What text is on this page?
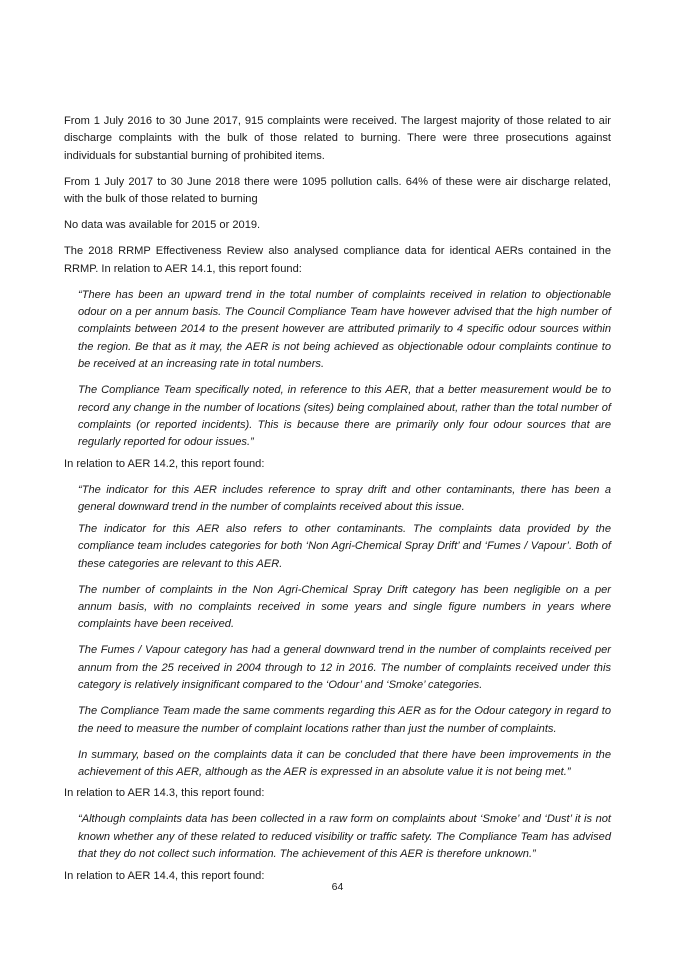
From 1 July 2016 to 30 June 2017, 915 complaints were received. The largest majority of those related to air discharge complaints with the bulk of those related to burning. There were three prosecutions against individuals for substantial burning of prohibited items.

From 1 July 2017 to 30 June 2018 there were 1095 pollution calls. 64% of these were air discharge related, with the bulk of those related to burning

No data was available for 2015 or 2019.

The 2018 RRMP Effectiveness Review also analysed compliance data for identical AERs contained in the RRMP. In relation to AER 14.1, this report found:

“There has been an upward trend in the total number of complaints received in relation to objectionable odour on a per annum basis. The Council Compliance Team have however advised that the high number of complaints between 2014 to the present however are attributed primarily to 4 specific odour sources within the region. Be that as it may, the AER is not being achieved as objectionable odour complaints continue to be received at an increasing rate in total numbers.

The Compliance Team specifically noted, in reference to this AER, that a better measurement would be to record any change in the number of locations (sites) being complained about, rather than the total number of complaints (or reported incidents). This is because there are primarily only four odour sources that are regularly reported for odour issues.”

In relation to AER 14.2, this report found:

“The indicator for this AER includes reference to spray drift and other contaminants, there has been a general downward trend in the number of complaints received about this issue.

The indicator for this AER also refers to other contaminants. The complaints data provided by the compliance team includes categories for both ‘Non Agri-Chemical Spray Drift’ and ‘Fumes / Vapour’. Both of these categories are relevant to this AER.

The number of complaints in the Non Agri-Chemical Spray Drift category has been negligible on a per annum basis, with no complaints received in some years and single figure numbers in years where complaints have been received.

The Fumes / Vapour category has had a general downward trend in the number of complaints received per annum from the 25 received in 2004 through to 12 in 2016. The number of complaints received under this category is relatively insignificant compared to the ‘Odour’ and ‘Smoke’ categories.

The Compliance Team made the same comments regarding this AER as for the Odour category in regard to the need to measure the number of complaint locations rather than just the number of complaints.

In summary, based on the complaints data it can be concluded that there have been improvements in the achievement of this AER, although as the AER is expressed in an absolute value it is not being met.”

In relation to AER 14.3, this report found:

“Although complaints data has been collected in a raw form on complaints about ‘Smoke’ and ‘Dust’ it is not known whether any of these related to reduced visibility or traffic safety. The Compliance Team has advised that they do not collect such information. The achievement of this AER is therefore unknown.”

In relation to AER 14.4, this report found:

64
